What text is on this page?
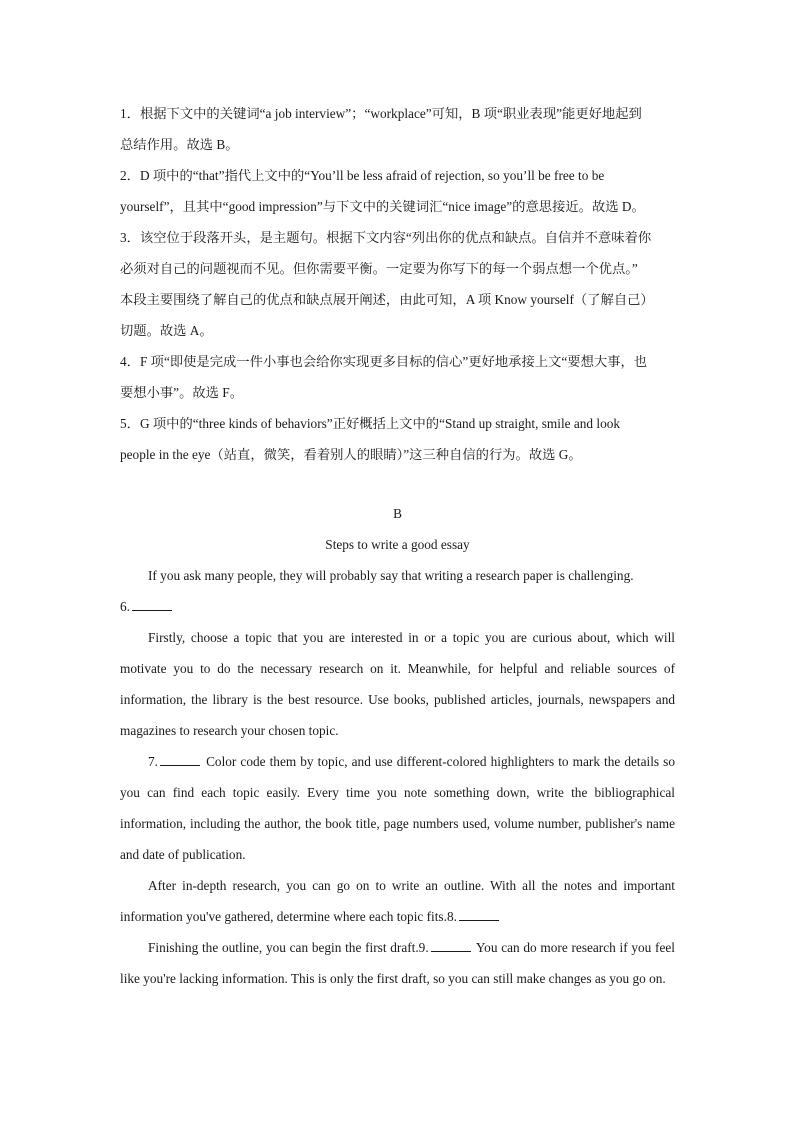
1．根据下文中的关键词“a job interview”；“workplace”可知，B 项“职业表现”能更好地起到

总结作用。故选 B。

2．D 项中的“that”指代上文中的“You’ll be less afraid of rejection, so you’ll be free to be

yourself”，且其中“good impression”与下文中的关键词汇“nice image”的意思接近。故选 D。

3．该空位于段落开头，是主题句。根据下文内容“列出你的优点和缺点。自信并不意味着你

必须对自己的问题视而不见。但你需要平衡。一定要为你写下的每一个弱点想一个优点。”

本段主要围绕了解自己的优点和缺点展开阐述，由此可知，A 项 Know yourself（了解自己）

切题。故选 A。

4．F 项“即使是完成一件小事也会给你实现更多目标的信心”更好地承接上文“要想大事，也

要想小事”。故选 F。

5．G 项中的“three kinds of behaviors”正好概括上文中的“Stand up straight, smile and look

people in the eye（站直，微笑，看着别人的眼睛）”这三种自信的行为。故选 G。

B

Steps to write a good essay

If you ask many people, they will probably say that writing a research paper is challenging.

6.

Firstly, choose a topic that you are interested in or a topic you are curious about, which will motivate you to do the necessary research on it. Meanwhile, for helpful and reliable sources of information, the library is the best resource. Use books, published articles, journals, newspapers and magazines to research your chosen topic.

7.	Color code them by topic, and use different-colored highlighters to mark the details so you can find each topic easily. Every time you note something down, write the bibliographical information, including the author, the book title, page numbers used, volume number, publisher's name and date of publication.

After in-depth research, you can go on to write an outline. With all the notes and important information you've gathered, determine where each topic fits.8.

Finishing the outline, you can begin the first draft.9.	You can do more research if you feel like you're lacking information. This is only the first draft, so you can still make changes as you go on.
